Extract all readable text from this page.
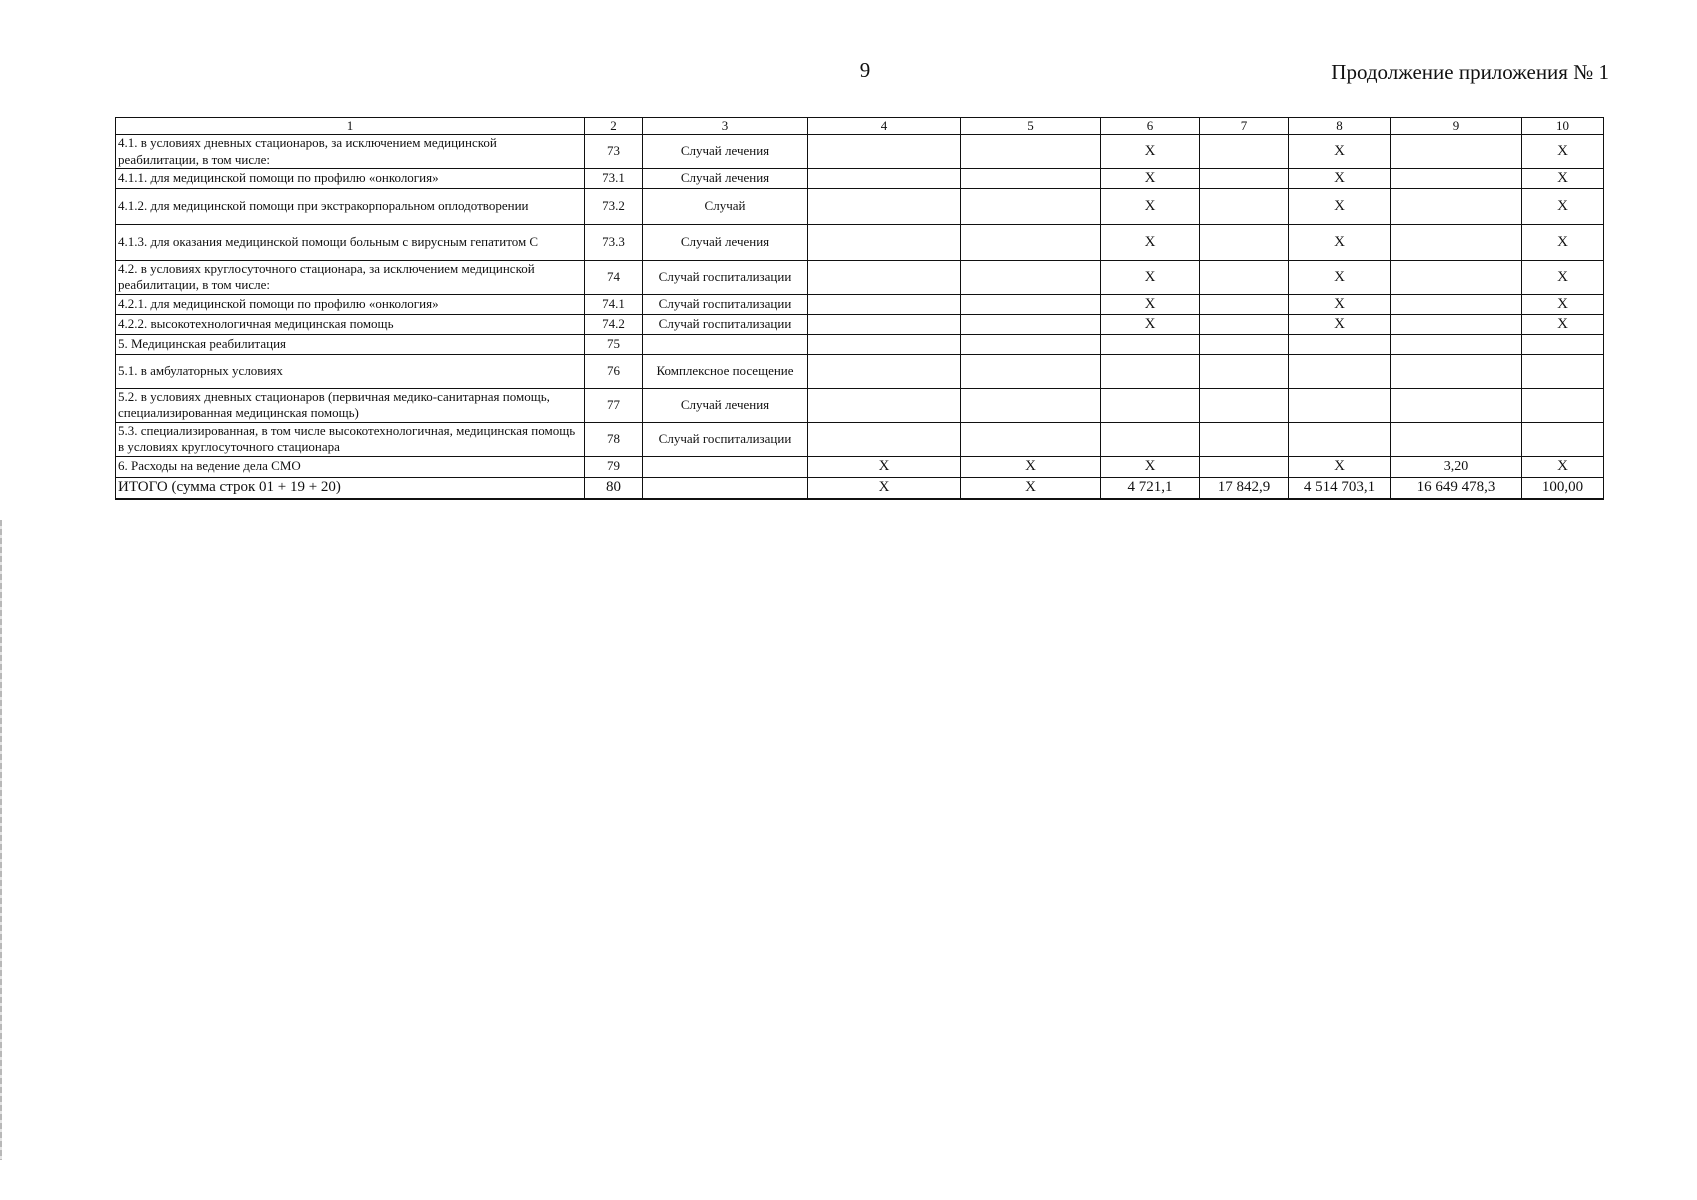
9	Продолжение приложения № 1
1	2	3	4	5	6	7	8	9	10
4.1. в условиях дневных стационаров, за исключением медицинской реабилитации, в том числе:	73	Случай лечения			X		X		X
4.1.1. для медицинской помощи по профилю «онкология»	73.1	Случай лечения			X		X		X
4.1.2. для медицинской помощи при экстракорпоральном оплодотворении	73.2	Случай			X		X		X
4.1.3. для оказания медицинской помощи больным с вирусным гепатитом С	73.3	Случай лечения			X		X		X
4.2. в условиях круглосуточного стационара, за исключением медицинской реабилитации, в том числе:	74	Случай госпитализации			X		X		X
4.2.1. для медицинской помощи по профилю «онкология»	74.1	Случай госпитализации			X		X		X
4.2.2. высокотехнологичная медицинская помощь	74.2	Случай госпитализации			X		X		X
5. Медицинская реабилитация	75								
5.1. в амбулаторных условиях	76	Комплексное посещение							
5.2. в условиях дневных стационаров (первичная медико-санитарная помощь, специализированная медицинская помощь)	77	Случай лечения							
5.3. специализированная, в том числе высокотехнологичная, медицинская помощь в условиях круглосуточного стационара	78	Случай госпитализации							
6. Расходы на ведение дела СМО	79		X	X	X		X	3,20	X
ИТОГО (сумма строк 01 + 19 + 20)	80		X	X	4 721,1	17 842,9	4 514 703,1	16 649 478,3	100,00
